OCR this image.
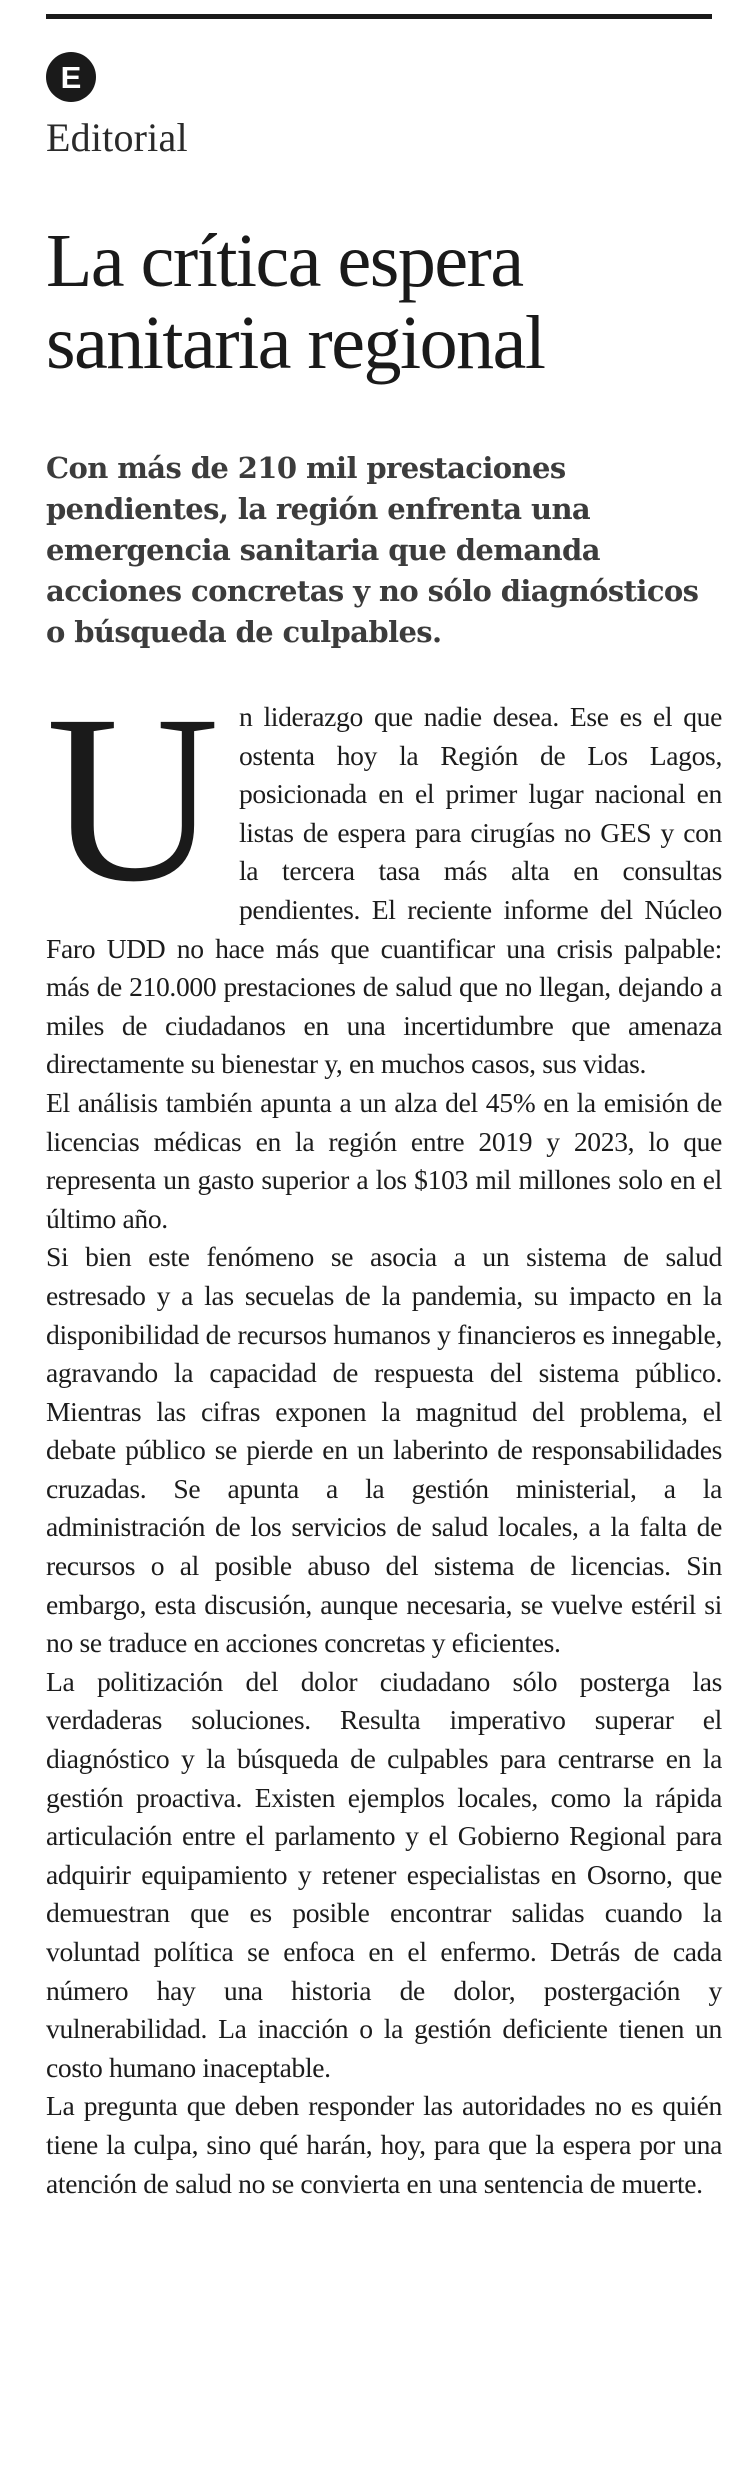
E
Editorial
La crítica espera sanitaria regional

Con más de 210 mil prestaciones pendientes, la región enfrenta una emergencia sanitaria que demanda acciones concretas y no sólo diagnósticos o búsqueda de culpables.

Un liderazgo que nadie desea. Ese es el que ostenta hoy la Región de Los Lagos, posicionada en el primer lugar nacional en listas de espera para cirugías no GES y con la tercera tasa más alta en consultas pendientes. El reciente informe del Núcleo Faro UDD no hace más que cuantificar una crisis palpable: más de 210.000 prestaciones de salud que no llegan, dejando a miles de ciudadanos en una incertidumbre que amenaza directamente su bienestar y, en muchos casos, sus vidas.

El análisis también apunta a un alza del 45% en la emisión de licencias médicas en la región entre 2019 y 2023, lo que representa un gasto superior a los $103 mil millones solo en el último año.

Si bien este fenómeno se asocia a un sistema de salud estresado y a las secuelas de la pandemia, su impacto en la disponibilidad de recursos humanos y financieros es innegable, agravando la capacidad de respuesta del sistema público. Mientras las cifras exponen la magnitud del problema, el debate público se pierde en un laberinto de responsabilidades cruzadas. Se apunta a la gestión ministerial, a la administración de los servicios de salud locales, a la falta de recursos o al posible abuso del sistema de licencias. Sin embargo, esta discusión, aunque necesaria, se vuelve estéril si no se traduce en acciones concretas y eficientes.

La politización del dolor ciudadano sólo posterga las verdaderas soluciones. Resulta imperativo superar el diagnóstico y la búsqueda de culpables para centrarse en la gestión proactiva. Existen ejemplos locales, como la rápida articulación entre el parlamento y el Gobierno Regional para adquirir equipamiento y retener especialistas en Osorno, que demuestran que es posible encontrar salidas cuando la voluntad política se enfoca en el enfermo. Detrás de cada número hay una historia de dolor, postergación y vulnerabilidad. La inacción o la gestión deficiente tienen un costo humano inaceptable.

La pregunta que deben responder las autoridades no es quién tiene la culpa, sino qué harán, hoy, para que la espera por una atención de salud no se convierta en una sentencia de muerte.
